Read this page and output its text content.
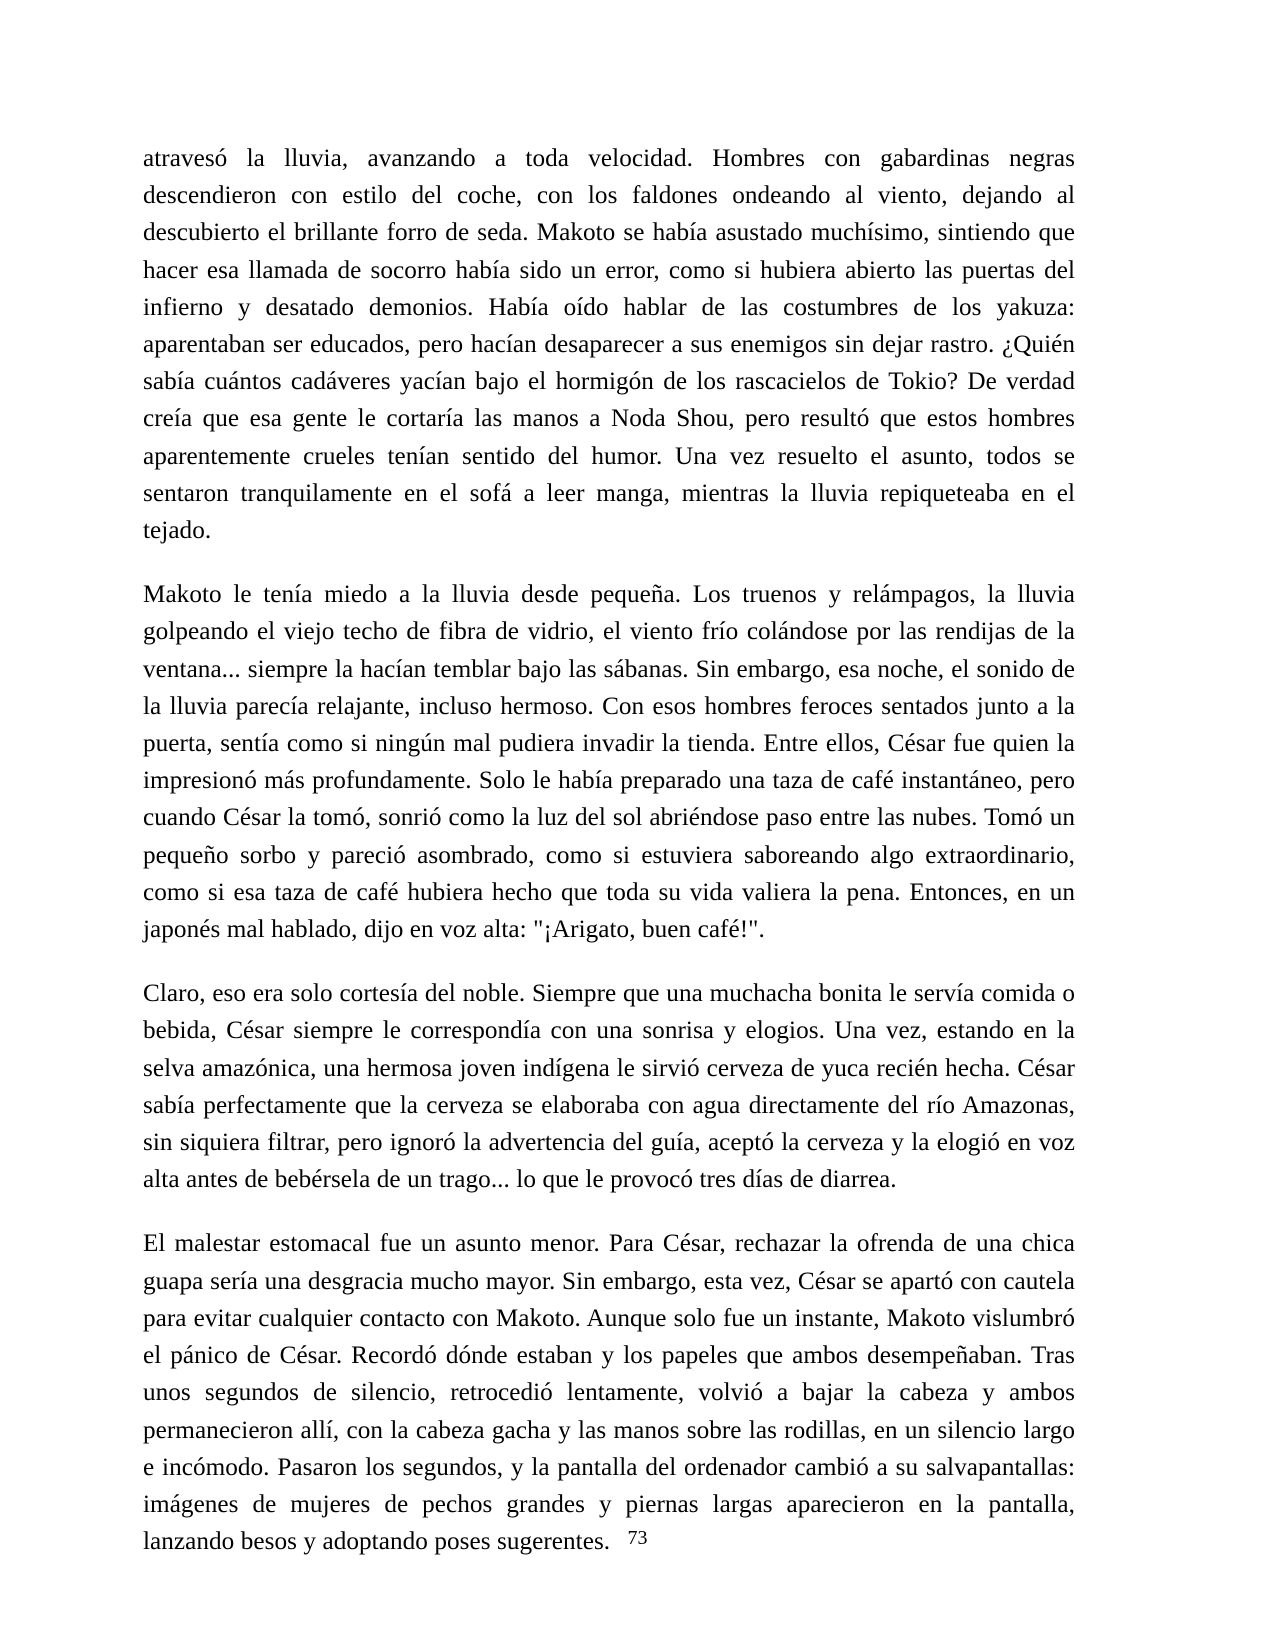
atravesó la lluvia, avanzando a toda velocidad. Hombres con gabardinas negras descendieron con estilo del coche, con los faldones ondeando al viento, dejando al descubierto el brillante forro de seda. Makoto se había asustado muchísimo, sintiendo que hacer esa llamada de socorro había sido un error, como si hubiera abierto las puertas del infierno y desatado demonios. Había oído hablar de las costumbres de los yakuza: aparentaban ser educados, pero hacían desaparecer a sus enemigos sin dejar rastro. ¿Quién sabía cuántos cadáveres yacían bajo el hormigón de los rascacielos de Tokio? De verdad creía que esa gente le cortaría las manos a Noda Shou, pero resultó que estos hombres aparentemente crueles tenían sentido del humor. Una vez resuelto el asunto, todos se sentaron tranquilamente en el sofá a leer manga, mientras la lluvia repiqueteaba en el tejado.

Makoto le tenía miedo a la lluvia desde pequeña. Los truenos y relámpagos, la lluvia golpeando el viejo techo de fibra de vidrio, el viento frío colándose por las rendijas de la ventana... siempre la hacían temblar bajo las sábanas. Sin embargo, esa noche, el sonido de la lluvia parecía relajante, incluso hermoso. Con esos hombres feroces sentados junto a la puerta, sentía como si ningún mal pudiera invadir la tienda. Entre ellos, César fue quien la impresionó más profundamente. Solo le había preparado una taza de café instantáneo, pero cuando César la tomó, sonrió como la luz del sol abriéndose paso entre las nubes. Tomó un pequeño sorbo y pareció asombrado, como si estuviera saboreando algo extraordinario, como si esa taza de café hubiera hecho que toda su vida valiera la pena. Entonces, en un japonés mal hablado, dijo en voz alta: "¡Arigato, buen café!".

Claro, eso era solo cortesía del noble. Siempre que una muchacha bonita le servía comida o bebida, César siempre le correspondía con una sonrisa y elogios. Una vez, estando en la selva amazónica, una hermosa joven indígena le sirvió cerveza de yuca recién hecha. César sabía perfectamente que la cerveza se elaboraba con agua directamente del río Amazonas, sin siquiera filtrar, pero ignoró la advertencia del guía, aceptó la cerveza y la elogió en voz alta antes de bebérsela de un trago... lo que le provocó tres días de diarrea.

El malestar estomacal fue un asunto menor. Para César, rechazar la ofrenda de una chica guapa sería una desgracia mucho mayor. Sin embargo, esta vez, César se apartó con cautela para evitar cualquier contacto con Makoto. Aunque solo fue un instante, Makoto vislumbró el pánico de César. Recordó dónde estaban y los papeles que ambos desempeñaban. Tras unos segundos de silencio, retrocedió lentamente, volvió a bajar la cabeza y ambos permanecieron allí, con la cabeza gacha y las manos sobre las rodillas, en un silencio largo e incómodo. Pasaron los segundos, y la pantalla del ordenador cambió a su salvapantallas: imágenes de mujeres de pechos grandes y piernas largas aparecieron en la pantalla, lanzando besos y adoptando poses sugerentes. 73
